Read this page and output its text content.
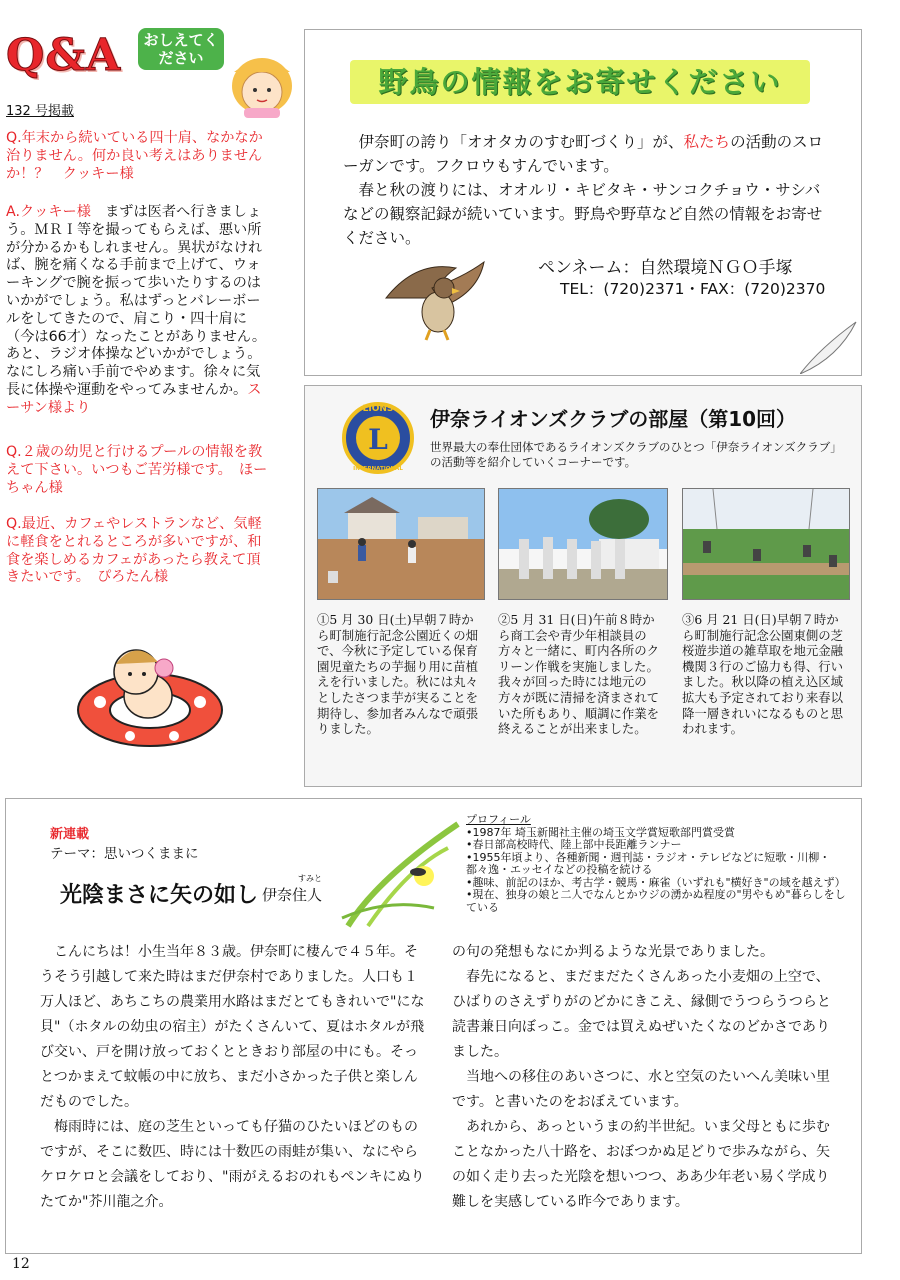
Q&A	おしえてください
132 号掲載

Q.年末から続いている四十肩、なかなか治りません。何か良い考えはありませんか！？　クッキー様

A.クッキー様　まずは医者へ行きましょう。ＭＲＩ等を撮ってもらえば、悪い所が分かるかもしれません。異状がなければ、腕を痛くなる手前まで上げて、ウォーキングで腕を振って歩いたりするのはいかがでしょう。私はずっとバレーボールをしてきたので、肩こり・四十肩に（今は66才）なったことがありません。あと、ラジオ体操などいかがでしょう。なにしろ痛い手前でやめます。徐々に気長に体操や運動をやってみませんか。スーサン様より

Q.２歳の幼児と行けるプールの情報を教えて下さい。いつもご苦労様です。　ほーちゃん様

Q.最近、カフェやレストランなど、気軽に軽食をとれるところが多いですが、和食を楽しめるカフェがあったら教えて頂きたいです。　ぴろたん様

野鳥の情報をお寄せください

伊奈町の誇り「オオタカのすむ町づくり」が、私たちの活動のスローガンです。フクロウもすんでいます。

春と秋の渡りには、オオルリ・キビタキ・サンコクチョウ・サシバなどの観察記録が続いています。野鳥や野草など自然の情報をお寄せください。

ペンネーム：自然環境ＮＧＯ手塚
TEL：(720)2371・FAX：(720)2370
L
LIONS
INTERNATIONAL
伊奈ライオンズクラブの部屋（第10回）
世界最大の奉仕団体であるライオンズクラブのひとつ「伊奈ライオンズクラブ」の活動等を紹介していくコーナーです。
①5 月 30 日(土)早朝７時から町制施行記念公園近くの畑で、今秋に予定している保育園児童たちの芋掘り用に苗植えを行いました。秋には丸々としたさつま芋が実ることを期待し、参加者みんなで頑張りました。
②5 月 31 日(日)午前８時から商工会や青少年相談員の方々と一緒に、町内各所のクリーン作戦を実施しました。我々が回った時には地元の方々が既に清掃を済まされていた所もあり、順調に作業を終えることが出来ました。
③6 月 21 日(日)早朝７時から町制施行記念公園東側の芝桜遊歩道の雑草取を地元金融機関３行のご協力も得、行いました。秋以降の植え込区域拡大も予定されており来春以降一層きれいになるものと思われます。
新連載
テーマ：思いつくままに
光陰まさに矢の如し
すみと
伊奈住人
プロフィール
•1987年 埼玉新聞社主催の埼玉文学賞短歌部門賞受賞
•春日部高校時代、陸上部中長距離ランナー
•1955年頃より、各種新聞・週刊誌・ラジオ・テレビなどに短歌・川柳・都々逸・エッセイなどの投稿を続ける
•趣味、前記のほか、考古学・競馬・麻雀（いずれも"横好き"の域を越えず）
•現在、独身の娘と二人でなんとかウジの湧かぬ程度の"男やもめ"暮らしをしている

こんにちは！小生当年８３歳。伊奈町に棲んで４５年。そうそう引越して来た時はまだ伊奈村でありました。人口も１万人ほど、あちこちの農業用水路はまだとてもきれいで"にな貝"（ホタルの幼虫の宿主）がたくさんいて、夏はホタルが飛び交い、戸を開け放っておくとときおり部屋の中にも。そっとつかまえて蚊帳の中に放ち、まだ小さかった子供と楽しんだものでした。

梅雨時には、庭の芝生といっても仔猫のひたいほどのものですが、そこに数匹、時には十数匹の雨蛙が集い、なにやらケロケロと会議をしており、"雨がえるおのれもペンキにぬりたてか"芥川龍之介。

の句の発想もなにか判るような光景でありました。

春先になると、まだまだたくさんあった小麦畑の上空で、ひばりのさえずりがのどかにきこえ、縁側でうつらうつらと読書兼日向ぼっこ。金では買えぬぜいたくなのどかさでありました。

当地への移住のあいさつに、水と空気のたいへん美味い里です。と書いたのをおぼえています。

あれから、あっというまの約半世紀。いま父母ともに歩むことなかった八十路を、おぼつかぬ足どりで歩みながら、矢の如く走り去った光陰を想いつつ、ああ少年老い易く学成り難しを実感している昨今であります。

12
